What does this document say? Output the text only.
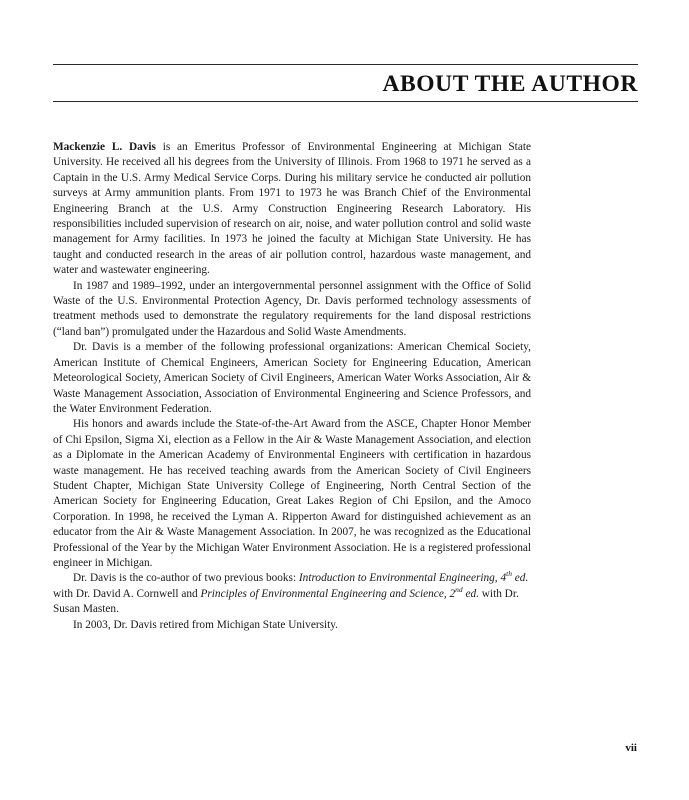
ABOUT THE AUTHOR

Mackenzie L. Davis is an Emeritus Professor of Environmental Engineering at Michigan State University. He received all his degrees from the University of Illinois. From 1968 to 1971 he served as a Captain in the U.S. Army Medical Service Corps. During his military service he conducted air pollution surveys at Army ammunition plants. From 1971 to 1973 he was Branch Chief of the Environmental Engineering Branch at the U.S. Army Construction Engineering Research Laboratory. His responsibilities included supervision of research on air, noise, and water pollution control and solid waste management for Army facilities. In 1973 he joined the faculty at Michigan State University. He has taught and conducted research in the areas of air pollution control, hazardous waste management, and water and wastewater engineering.

In 1987 and 1989–1992, under an intergovernmental personnel assignment with the Office of Solid Waste of the U.S. Environmental Protection Agency, Dr. Davis performed technology assessments of treatment methods used to demonstrate the regulatory requirements for the land disposal restrictions (“land ban”) promulgated under the Hazardous and Solid Waste Amendments.

Dr. Davis is a member of the following professional organizations: American Chemical Society, American Institute of Chemical Engineers, American Society for Engineering Education, American Meteorological Society, American Society of Civil Engineers, American Water Works Association, Air & Waste Management Association, Association of Environmental Engineering and Science Professors, and the Water Environment Federation.

His honors and awards include the State-of-the-Art Award from the ASCE, Chapter Honor Member of Chi Epsilon, Sigma Xi, election as a Fellow in the Air & Waste Management Association, and election as a Diplomate in the American Academy of Environmental Engineers with certification in hazardous waste management. He has received teaching awards from the American Society of Civil Engineers Student Chapter, Michigan State University College of Engineering, North Central Section of the American Society for Engineering Education, Great Lakes Region of Chi Epsilon, and the Amoco Corporation. In 1998, he received the Lyman A. Ripperton Award for distinguished achievement as an educator from the Air & Waste Management Association. In 2007, he was recognized as the Educational Professional of the Year by the Michigan Water Environment Association. He is a registered professional engineer in Michigan.

Dr. Davis is the co-author of two previous books: Introduction to Environmental Engineering, 4th ed. with Dr. David A. Cornwell and Principles of Environmental Engineering and Science, 2nd ed. with Dr. Susan Masten.

In 2003, Dr. Davis retired from Michigan State University.

vii
